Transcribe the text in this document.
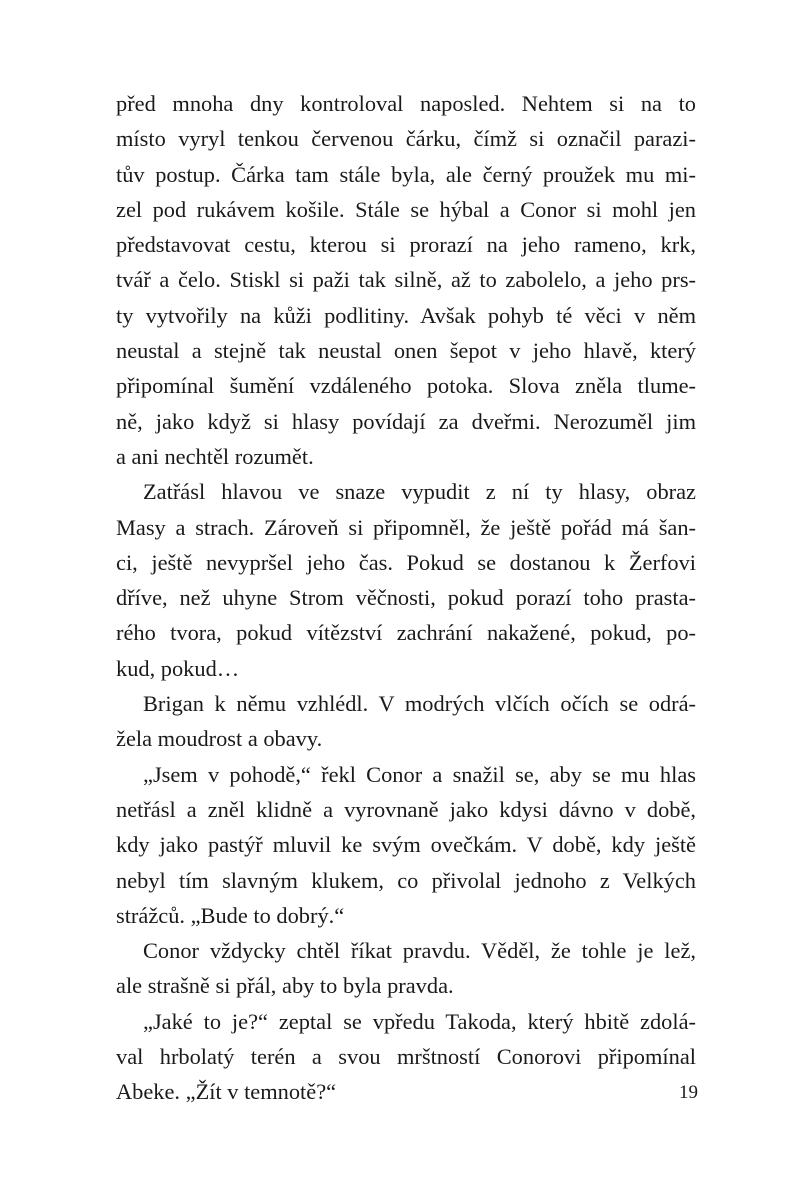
před mnoha dny kontroloval naposled. Nehtem si na to
místo vyryl tenkou červenou čárku, čímž si označil parazi-
tův postup. Čárka tam stále byla, ale černý proužek mu mi-
zel pod rukávem košile. Stále se hýbal a Conor si mohl jen
představovat cestu, kterou si prorazí na jeho rameno, krk,
tvář a čelo. Stiskl si paži tak silně, až to zabolelo, a jeho prs-
ty vytvořily na kůži podlitiny. Avšak pohyb té věci v něm
neustal a stejně tak neustal onen šepot v jeho hlavě, který
připomínal šumění vzdáleného potoka. Slova zněla tlume-
ně, jako když si hlasy povídají za dveřmi. Nerozuměl jim
a ani nechtěl rozumět.

Zatřásl hlavou ve snaze vypudit z ní ty hlasy, obraz
Masy a strach. Zároveň si připomněl, že ještě pořád má šan-
ci, ještě nevypršel jeho čas. Pokud se dostanou k Žerfovi
dříve, než uhyne Strom věčnosti, pokud porazí toho prasta-
rého tvora, pokud vítězství zachrání nakažené, pokud, po-
kud, pokud…

Brigan k němu vzhlédl. V modrých vlčích očích se odrá-
žela moudrost a obavy.

„Jsem v pohodě,“ řekl Conor a snažil se, aby se mu hlas
netřásl a zněl klidně a vyrovnaně jako kdysi dávno v době,
kdy jako pastýř mluvil ke svým ovečkám. V době, kdy ještě
nebyl tím slavným klukem, co přivolal jednoho z Velkých
strážců. „Bude to dobrý.“

Conor vždycky chtěl říkat pravdu. Věděl, že tohle je lež,
ale strašně si přál, aby to byla pravda.

„Jaké to je?“ zeptal se vpředu Takoda, který hbitě zdolá-
val hrbolatý terén a svou mrštností Conorovi připomínal
Abeke. „Žít v temnotě?“	19
